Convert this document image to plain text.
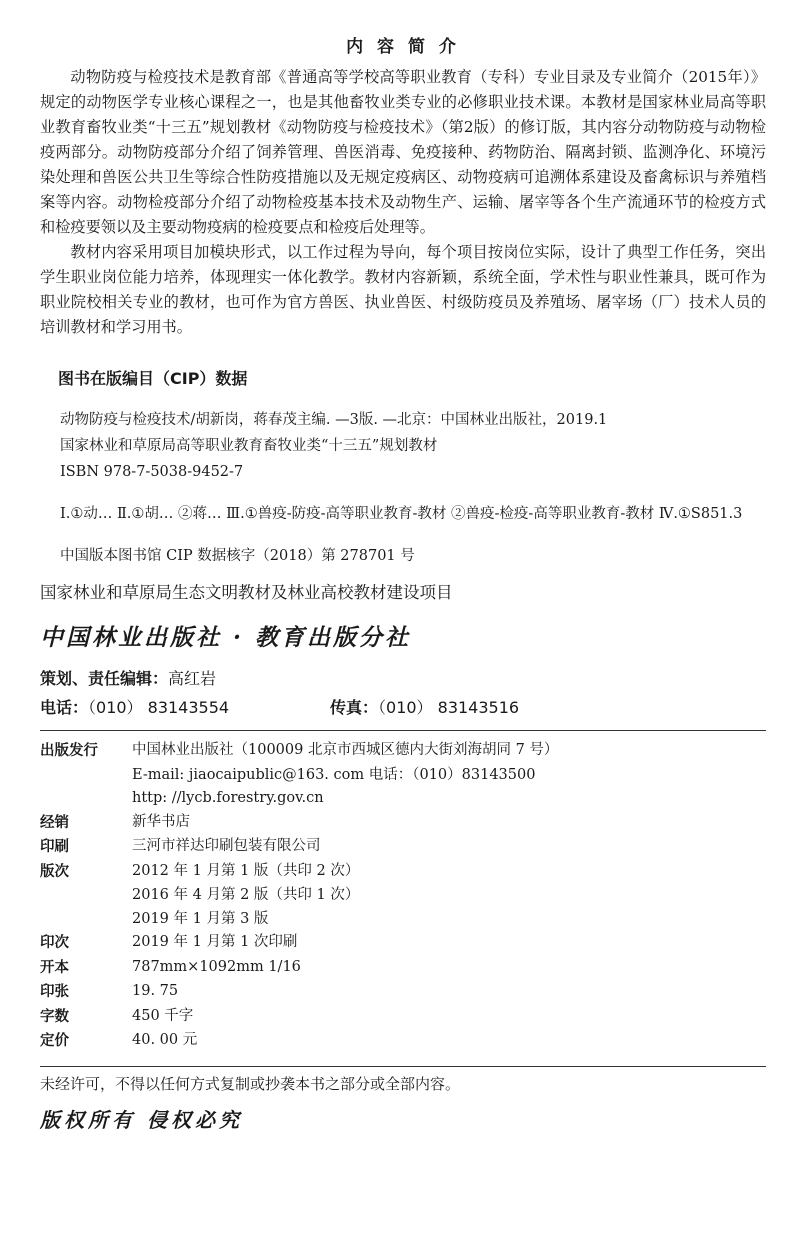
内 容 简 介

动物防疫与检疫技术是教育部《普通高等学校高等职业教育（专科）专业目录及专业简介（2015年）》规定的动物医学专业核心课程之一，也是其他畜牧业类专业的必修职业技术课。本教材是国家林业局高等职业教育畜牧业类“十三五”规划教材《动物防疫与检疫技术》（第2版）的修订版，其内容分动物防疫与动物检疫两部分。动物防疫部分介绍了饲养管理、兽医消毒、免疫接种、药物防治、隔离封锁、监测净化、环境污染处理和兽医公共卫生等综合性防疫措施以及无规定疫病区、动物疫病可追溯体系建设及畜禽标识与养殖档案等内容。动物检疫部分介绍了动物检疫基本技术及动物生产、运输、屠宰等各个生产流通环节的检疫方式和检疫要领以及主要动物疫病的检疫要点和检疫后处理等。

教材内容采用项目加模块形式，以工作过程为导向，每个项目按岗位实际，设计了典型工作任务，突出学生职业岗位能力培养，体现理实一体化教学。教材内容新颖，系统全面，学术性与职业性兼具，既可作为职业院校相关专业的教材，也可作为官方兽医、执业兽医、村级防疫员及养殖场、屠宰场（厂）技术人员的培训教材和学习用书。

图书在版编目（CIP）数据
动物防疫与检疫技术/胡新岗，蒋春茂主编. —3版. —北京：中国林业出版社，2019.1
国家林业和草原局高等职业教育畜牧业类“十三五”规划教材
ISBN 978-7-5038-9452-7
Ⅰ.①动… Ⅱ.①胡… ②蒋… Ⅲ.①兽疫-防疫-高等职业教育-教材 ②兽疫-检疫-高等职业教育-教材 Ⅳ.①S851.3
中国版本图书馆 CIP 数据核字（2018）第 278701 号
国家林业和草原局生态文明教材及林业高校教材建设项目
中国林业出版社 · 教育出版分社
策划、责任编辑：高红岩
电话：（010） 83143554	传真：（010） 83143516
出版发行	中国林业出版社（100009 北京市西城区德内大街刘海胡同 7 号）
E-mail: jiaocaipublic@163. com 电话：（010）83143500
http: //lycb.forestry.gov.cn
经销	新华书店
印刷	三河市祥达印刷包装有限公司
版次	2012 年 1 月第 1 版（共印 2 次）
2016 年 4 月第 2 版（共印 1 次）
2019 年 1 月第 3 版
印次	2019 年 1 月第 1 次印刷
开本	787mm×1092mm 1/16
印张	19. 75
字数	450 千字
定价	40. 00 元
未经许可，不得以任何方式复制或抄袭本书之部分或全部内容。
版权所有 侵权必究
